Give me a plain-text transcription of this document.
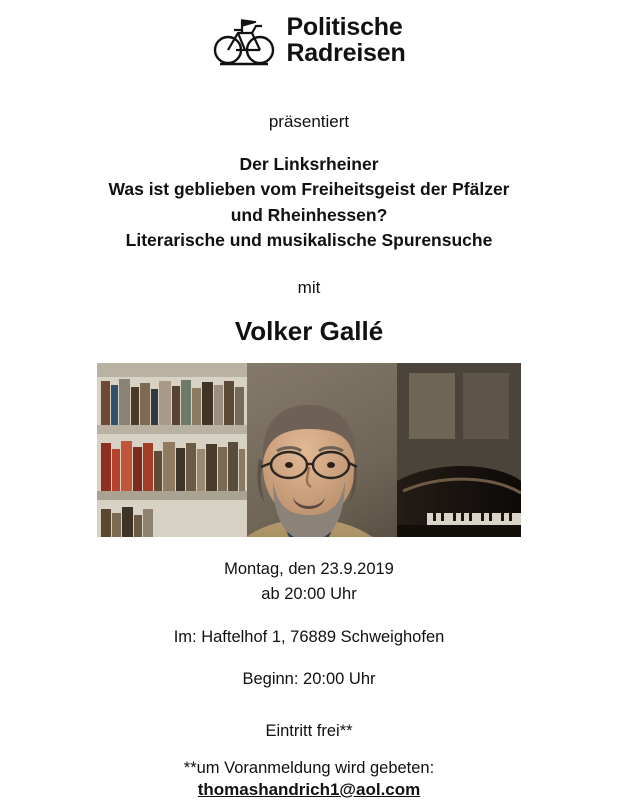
Politische
Radreisen
präsentiert
Der Linksrheiner
Was ist geblieben vom Freiheitsgeist der Pfälzer
und Rheinhessen?
Literarische und musikalische Spurensuche
mit
Volker Gallé
Montag, den 23.9.2019
ab 20:00 Uhr
Im: Haftelhof 1, 76889 Schweighofen
Beginn: 20:00 Uhr
Eintritt frei**
**um Voranmeldung wird gebeten:
thomashandrich1@aol.com
